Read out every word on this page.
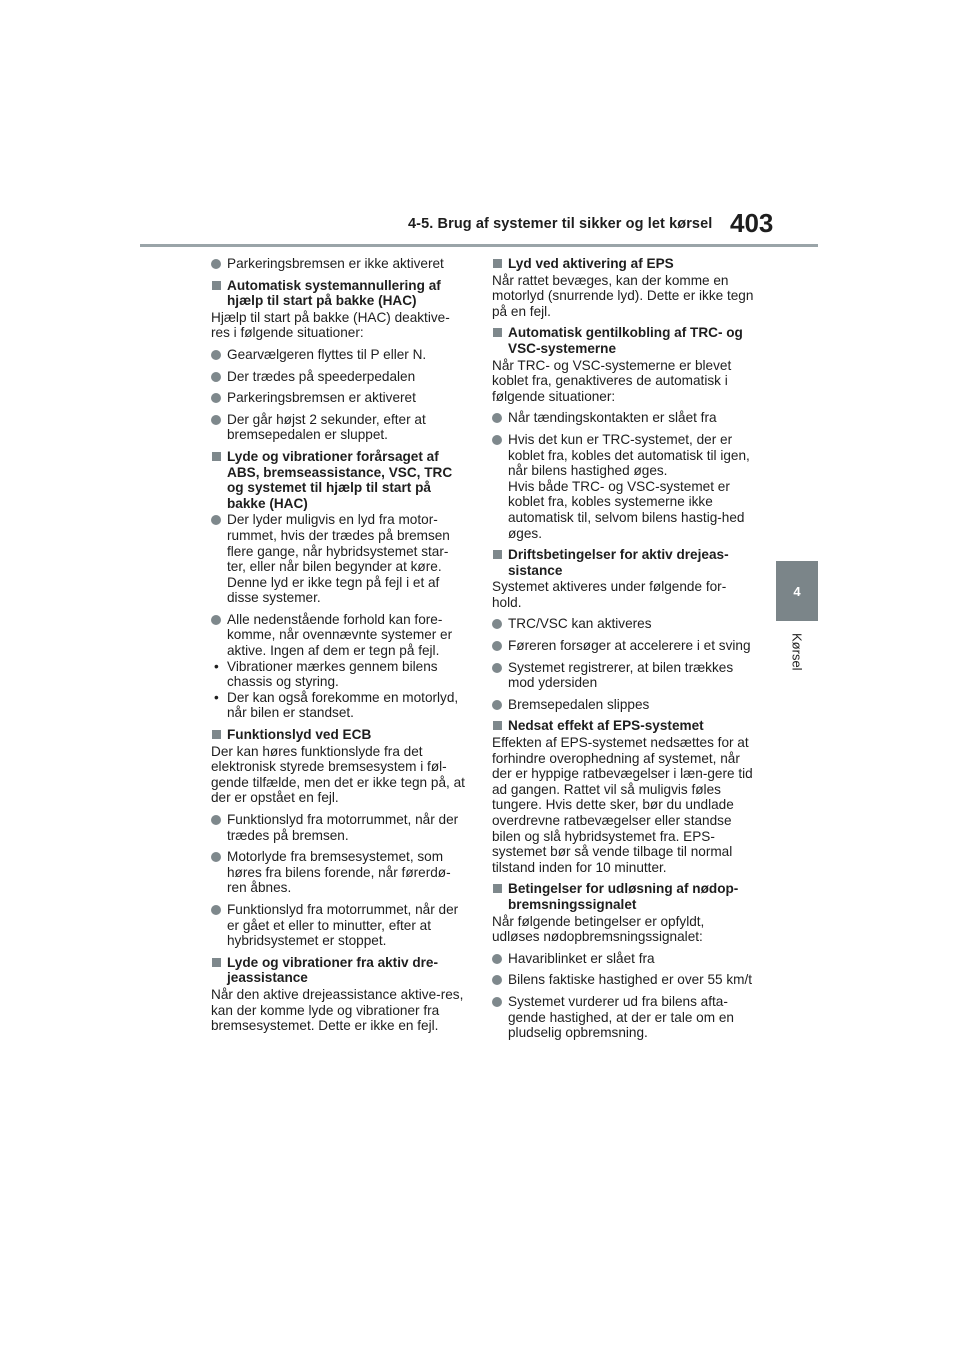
4-5. Brug af systemer til sikker og let kørsel 403
4
Kørsel
Parkeringsbremsen er ikke aktiveret
Automatisk systemannullering af hjælp til start på bakke (HAC)
Hjælp til start på bakke (HAC) deaktive-res i følgende situationer:
Gearvælgeren flyttes til P eller N.
Der trædes på speederpedalen
Parkeringsbremsen er aktiveret
Der går højst 2 sekunder, efter at bremsepedalen er sluppet.
Lyde og vibrationer forårsaget af ABS, bremseassistance, VSC, TRC og systemet til hjælp til start på bakke (HAC)
Der lyder muligvis en lyd fra motor-rummet, hvis der trædes på bremsen flere gange, når hybridsystemet star-ter, eller når bilen begynder at køre. Denne lyd er ikke tegn på fejl i et af disse systemer.
Alle nedenstående forhold kan fore-komme, når ovennævnte systemer er aktive. Ingen af dem er tegn på fejl.
• Vibrationer mærkes gennem bilens chassis og styring.
• Der kan også forekomme en motorlyd, når bilen er standset.
Funktionslyd ved ECB
Der kan høres funktionslyde fra det elektronisk styrede bremsesystem i føl-gende tilfælde, men det er ikke tegn på, at der er opstået en fejl.
Funktionslyd fra motorrummet, når der trædes på bremsen.
Motorlyde fra bremsesystemet, som høres fra bilens forende, når førerdø-ren åbnes.
Funktionslyd fra motorrummet, når der er gået et eller to minutter, efter at hybridsystemet er stoppet.
Lyde og vibrationer fra aktiv dre-jeassistance
Når den aktive drejeassistance aktive-res, kan der komme lyde og vibrationer fra bremsesystemet. Dette er ikke en fejl.
Lyd ved aktivering af EPS
Når rattet bevæges, kan der komme en motorlyd (snurrende lyd). Dette er ikke tegn på en fejl.
Automatisk gentilkobling af TRC- og VSC-systemerne
Når TRC- og VSC-systemerne er blevet koblet fra, genaktiveres de automatisk i følgende situationer:
Når tændingskontakten er slået fra
Hvis det kun er TRC-systemet, der er koblet fra, kobles det automatisk til igen, når bilens hastighed øges.
Hvis både TRC- og VSC-systemet er koblet fra, kobles systemerne ikke automatisk til, selvom bilens hastig-hed øges.
Driftsbetingelser for aktiv drejeas-sistance
Systemet aktiveres under følgende for-hold.
TRC/VSC kan aktiveres
Føreren forsøger at accelerere i et sving
Systemet registrerer, at bilen trækkes mod ydersiden
Bremsepedalen slippes
Nedsat effekt af EPS-systemet
Effekten af EPS-systemet nedsættes for at forhindre overophedning af systemet, når der er hyppige ratbevægelser i læn-gere tid ad gangen. Rattet vil så muligvis føles tungere. Hvis dette sker, bør du undlade overdrevne ratbevægelser eller standse bilen og slå hybridsystemet fra. EPS-systemet bør så vende tilbage til normal tilstand inden for 10 minutter.
Betingelser for udløsning af nødop-bremsningssignalet
Når følgende betingelser er opfyldt, udløses nødopbremsningssignalet:
Havariblinket er slået fra
Bilens faktiske hastighed er over 55 km/t
Systemet vurderer ud fra bilens afta-gende hastighed, at der er tale om en pludselig opbremsning.
